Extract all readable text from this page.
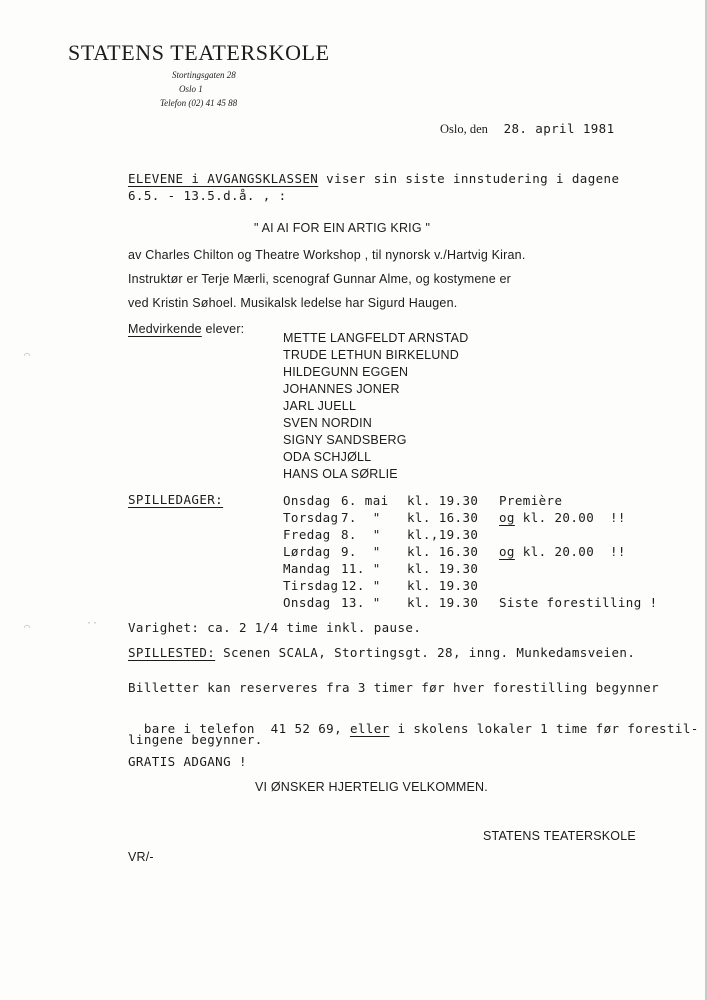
⌒
⌒	··
STATENS TEATERSKOLE
Stortingsgaten 28
Oslo 1
Telefon (02) 41 45 88
Oslo, den 28. april 1981
ELEVENE i AVGANGSKLASSEN viser sin siste innstudering i dagene
6.5. - 13.5.d.å. , :
" AI AI FOR EIN ARTIG KRIG "
av Charles Chilton og Theatre Workshop , til nynorsk v./Hartvig Kiran.
Instruktør er Terje Mærli, scenograf Gunnar Alme, og kostymene er
ved Kristin Søhoel. Musikalsk ledelse har Sigurd Haugen.
Medvirkende elever:
METTE LANGFELDT ARNSTAD
TRUDE LETHUN BIRKELUND
HILDEGUNN EGGEN
JOHANNES JONER
JARL JUELL
SVEN NORDIN
SIGNY SANDSBERG
ODA SCHJØLL
HANS OLA SØRLIE
SPILLEDAGER:	Onsdag 6. mai kl. 19.30 Première
Torsdag 7.  " kl. 16.30 og kl. 20.00  !!
Fredag 8.  " kl.,19.30
Lørdag 9.  " kl. 16.30 og kl. 20.00  !!
Mandag 11. " kl. 19.30
Tirsdag 12. " kl. 19.30
Onsdag 13. " kl. 19.30 Siste forestilling !
Varighet: ca. 2 1/4 time inkl. pause.
SPILLESTED: Scenen SCALA, Stortingsgt. 28, inng. Munkedamsveien.
Billetter kan reserveres fra 3 timer før hver forestilling begynner

bare i telefon  41 52 69, eller i skolens lokaler 1 time før forestil-

lingene begynner.
GRATIS ADGANG !
VI ØNSKER HJERTELIG VELKOMMEN.
STATENS TEATERSKOLE
VR/-
